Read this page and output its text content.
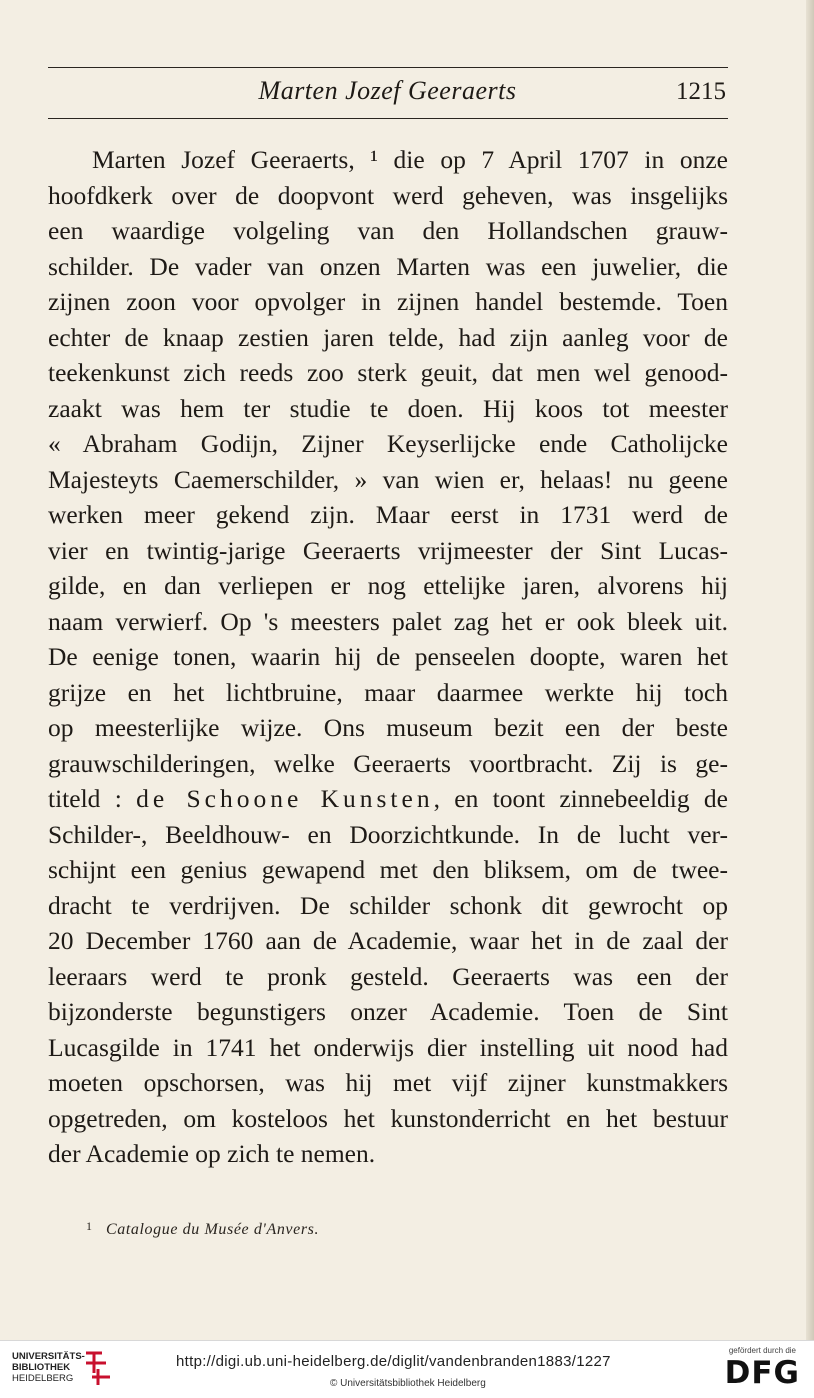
Marten Jozef Geeraerts	1215
Marten Jozef Geeraerts, ¹ die op 7 April 1707 in onze
hoofdkerk over de doopvont werd geheven, was insgelijks
een waardige volgeling van den Hollandschen grauw-
schilder. De vader van onzen Marten was een juwelier, die
zijnen zoon voor opvolger in zijnen handel bestemde. Toen
echter de knaap zestien jaren telde, had zijn aanleg voor de
teekenkunst zich reeds zoo sterk geuit, dat men wel genood-
zaakt was hem ter studie te doen. Hij koos tot meester
« Abraham Godijn, Zijner Keyserlijcke ende Catholijcke
Majesteyts Caemerschilder, » van wien er, helaas! nu geene
werken meer gekend zijn. Maar eerst in 1731 werd de
vier en twintig-jarige Geeraerts vrijmeester der Sint Lucas-
gilde, en dan verliepen er nog ettelijke jaren, alvorens hij
naam verwierf. Op 's meesters palet zag het er ook bleek uit.
De eenige tonen, waarin hij de penseelen doopte, waren het
grijze en het lichtbruine, maar daarmee werkte hij toch
op meesterlijke wijze. Ons museum bezit een der beste
grauwschilderingen, welke Geeraerts voortbracht. Zij is ge-
titeld : de Schoone Kunsten, en toont zinnebeeldig de
Schilder-, Beeldhouw- en Doorzichtkunde. In de lucht ver-
schijnt een genius gewapend met den bliksem, om de twee-
dracht te verdrijven. De schilder schonk dit gewrocht op
20 December 1760 aan de Academie, waar het in de zaal der
leeraars werd te pronk gesteld. Geeraerts was een der
bijzonderste begunstigers onzer Academie. Toen de Sint
Lucasgilde in 1741 het onderwijs dier instelling uit nood had
moeten opschorsen, was hij met vijf zijner kunstmakkers
opgetreden, om kosteloos het kunstonderricht en het bestuur
der Academie op zich te nemen.
$^1$ Catalogue du Musée d'Anvers.
UNIVERSITÄTS-
BIBLIOTHEK
HEIDELBERG
http://digi.ub.uni-heidelberg.de/diglit/vandenbranden1883/1227
© Universitätsbibliothek Heidelberg
gefördert durch die
DFG
